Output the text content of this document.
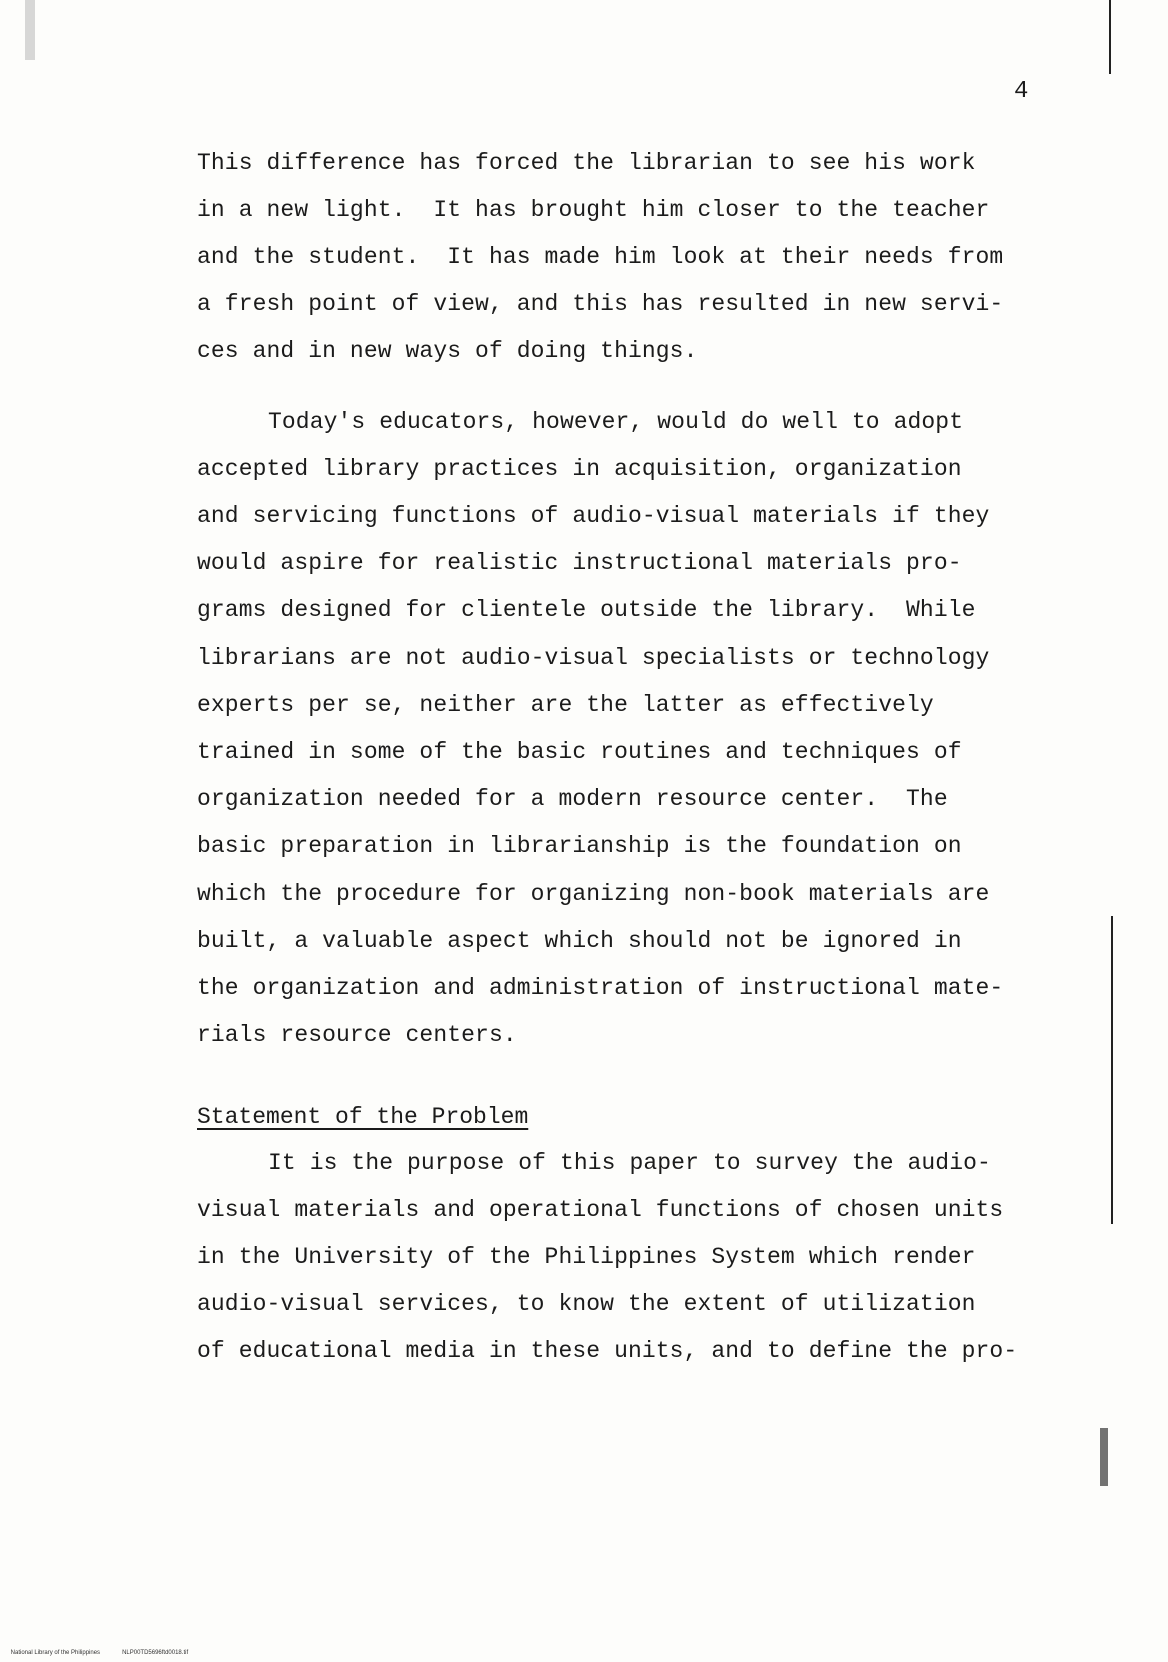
4
This difference has forced the librarian to see his work
in a new light.  It has brought him closer to the teacher
and the student.  It has made him look at their needs from
a fresh point of view, and this has resulted in new servi-
ces and in new ways of doing things.
Today's educators, however, would do well to adopt
accepted library practices in acquisition, organization
and servicing functions of audio-visual materials if they
would aspire for realistic instructional materials pro-
grams designed for clientele outside the library.  While
librarians are not audio-visual specialists or technology
experts per se, neither are the latter as effectively
trained in some of the basic routines and techniques of
organization needed for a modern resource center.  The
basic preparation in librarianship is the foundation on
which the procedure for organizing non-book materials are
built, a valuable aspect which should not be ignored in
the organization and administration of instructional mate-
rials resource centers.
Statement of the Problem
It is the purpose of this paper to survey the audio-
visual materials and operational functions of chosen units
in the University of the Philippines System which render
audio-visual services, to know the extent of utilization
of educational media in these units, and to define the pro-

National Library of the Philippines	NLP00TD5696ftd0018.tif
